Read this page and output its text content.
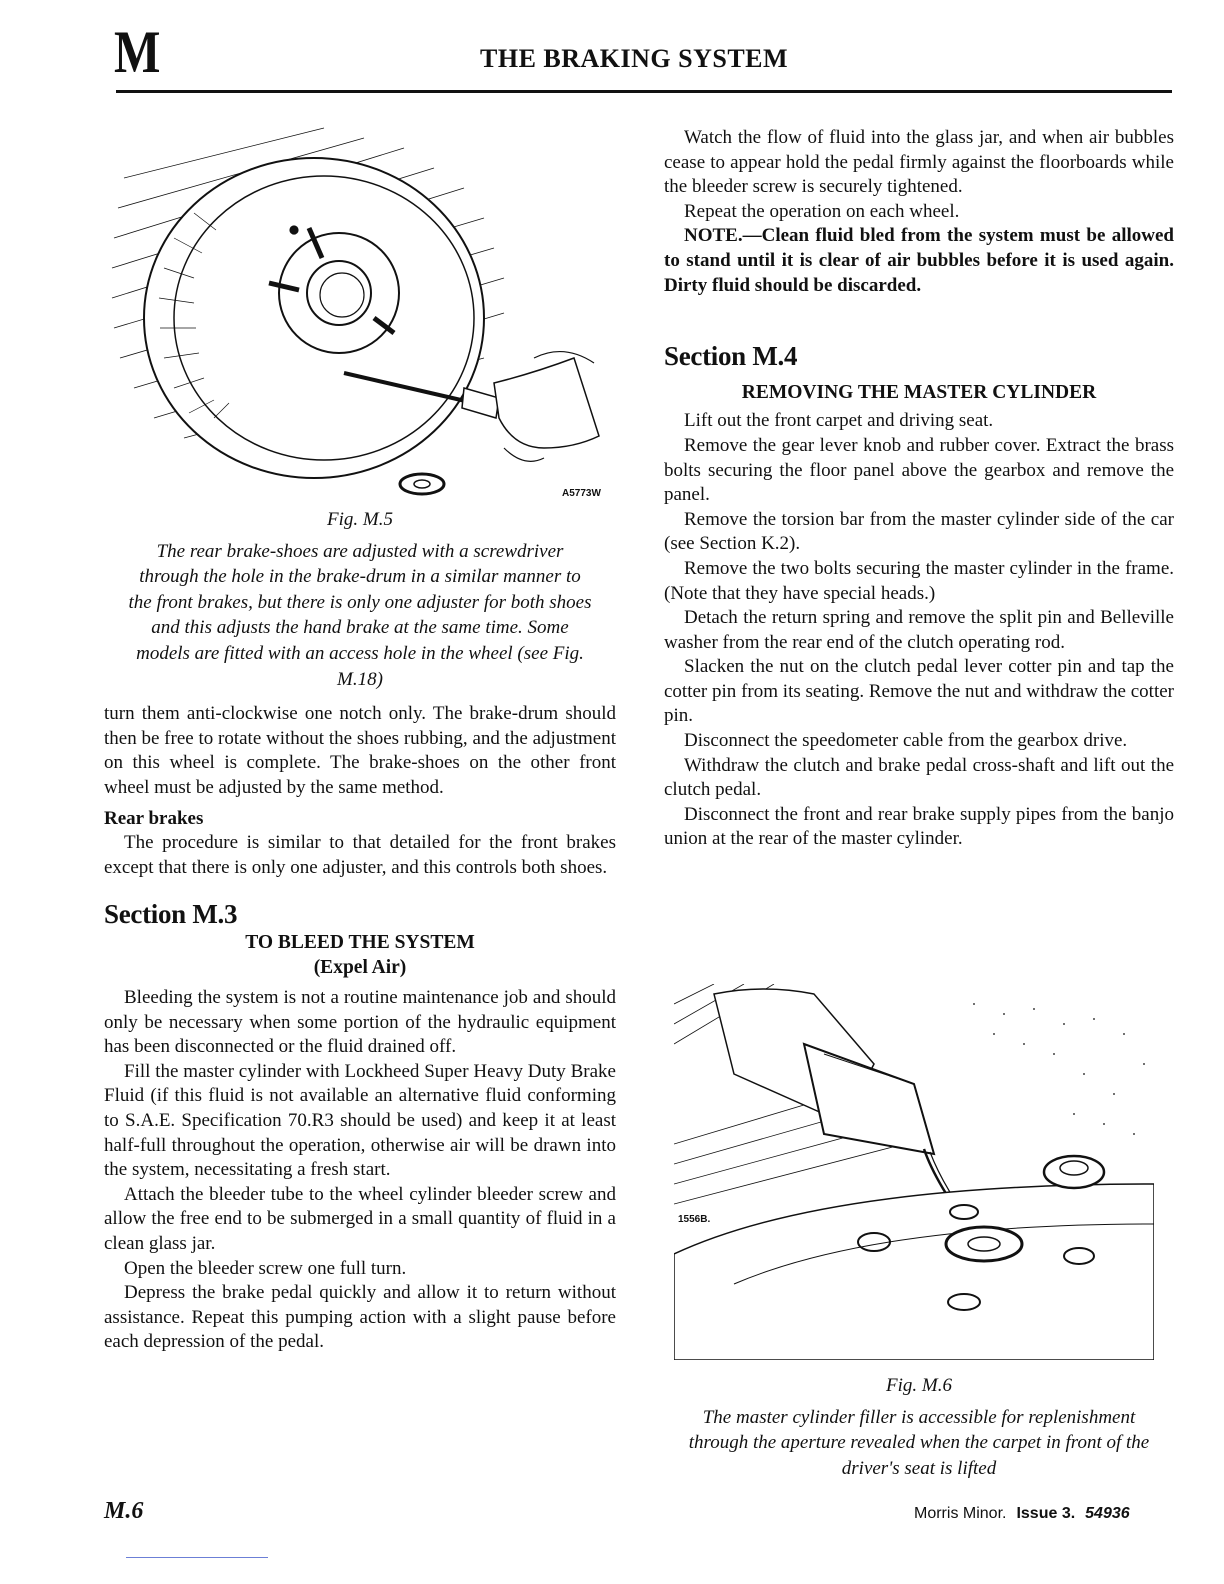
M	THE BRAKING SYSTEM
A5773W

Fig. M.5

The rear brake-shoes are adjusted with a screwdriver through the hole in the brake-drum in a similar manner to the front brakes, but there is only one adjuster for both shoes and this adjusts the hand brake at the same time. Some models are fitted with an access hole in the wheel (see Fig. M.18)

turn them anti-clockwise one notch only. The brake-drum should then be free to rotate without the shoes rubbing, and the adjustment on this wheel is complete. The brake-shoes on the other front wheel must be adjusted by the same method.

Rear brakes

The procedure is similar to that detailed for the front brakes except that there is only one adjuster, and this controls both shoes.

Section M.3

TO BLEED THE SYSTEM

(Expel Air)

Bleeding the system is not a routine maintenance job and should only be necessary when some portion of the hydraulic equipment has been disconnected or the fluid drained off.

Fill the master cylinder with Lockheed Super Heavy Duty Brake Fluid (if this fluid is not available an alternative fluid conforming to S.A.E. Specification 70.R3 should be used) and keep it at least half-full throughout the operation, otherwise air will be drawn into the system, necessitating a fresh start.

Attach the bleeder tube to the wheel cylinder bleeder screw and allow the free end to be submerged in a small quantity of fluid in a clean glass jar.

Open the bleeder screw one full turn.

Depress the brake pedal quickly and allow it to return without assistance. Repeat this pumping action with a slight pause before each depression of the pedal.

Watch the flow of fluid into the glass jar, and when air bubbles cease to appear hold the pedal firmly against the floorboards while the bleeder screw is securely tightened.

Repeat the operation on each wheel.

NOTE.—Clean fluid bled from the system must be allowed to stand until it is clear of air bubbles before it is used again. Dirty fluid should be discarded.

Section M.4

REMOVING THE MASTER CYLINDER

Lift out the front carpet and driving seat.

Remove the gear lever knob and rubber cover. Extract the brass bolts securing the floor panel above the gearbox and remove the panel.

Remove the torsion bar from the master cylinder side of the car (see Section K.2).

Remove the two bolts securing the master cylinder in the frame. (Note that they have special heads.)

Detach the return spring and remove the split pin and Belleville washer from the rear end of the clutch operating rod.

Slacken the nut on the clutch pedal lever cotter pin and tap the cotter pin from its seating. Remove the nut and withdraw the cotter pin.

Disconnect the speedometer cable from the gearbox drive.

Withdraw the clutch and brake pedal cross-shaft and lift out the clutch pedal.

Disconnect the front and rear brake supply pipes from the banjo union at the rear of the master cylinder.

1556B.

Fig. M.6

The master cylinder filler is accessible for replenishment through the aperture revealed when the carpet in front of the driver's seat is lifted

M.6	Morris Minor. Issue 3. 54936
